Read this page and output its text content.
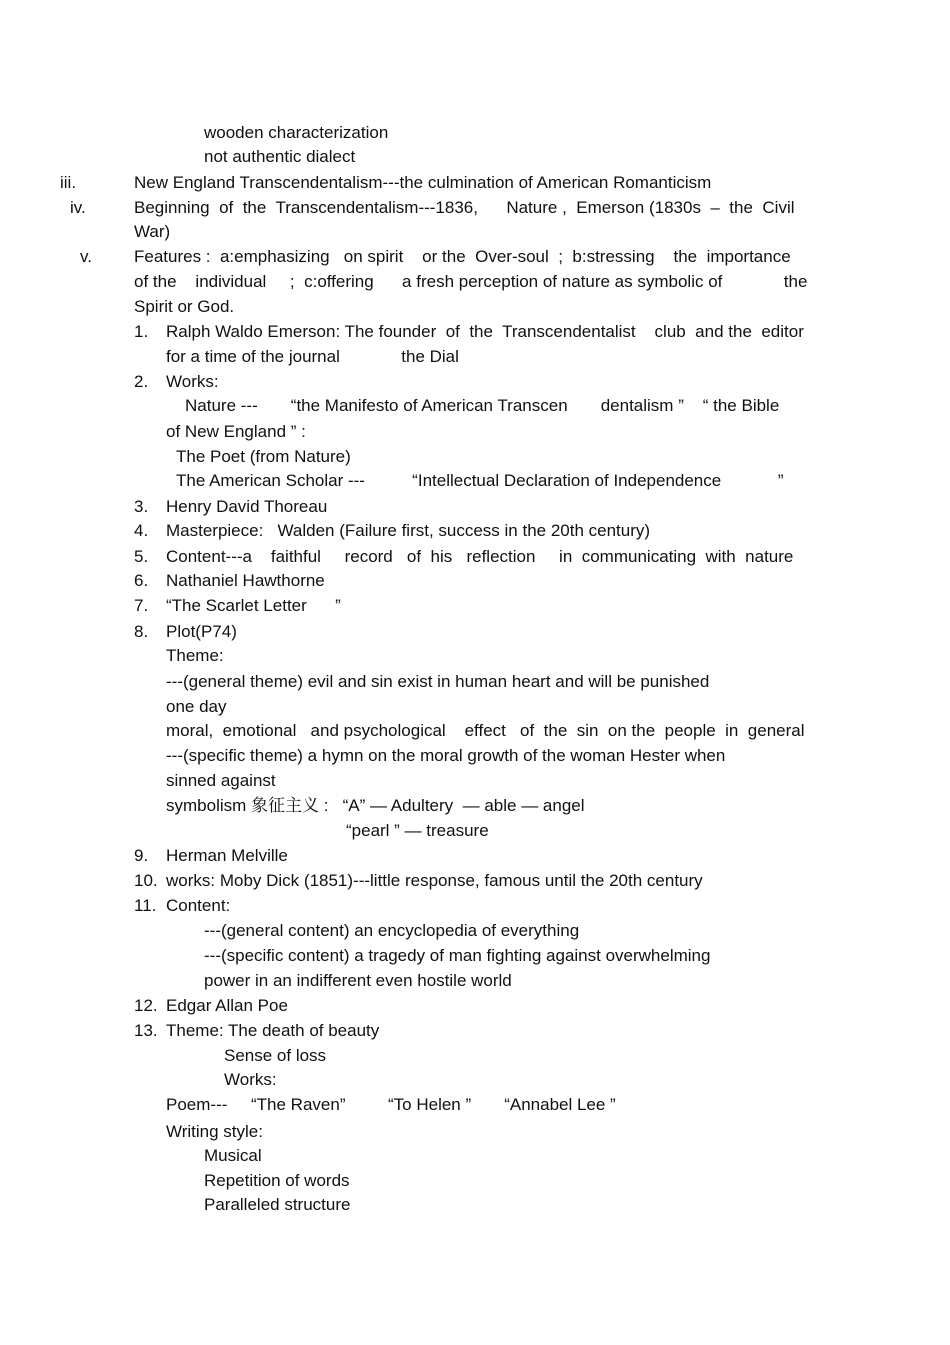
wooden characterization
not authentic dialect
iii.	New England Transcendentalism---the culmination of American Romanticism
iv.	Beginning  of  the  Transcendentalism---1836,      Nature ,  Emerson (1830s  –  the  Civil
War)
v. Features :  a:emphasizing   on spirit    or the  Over-soul  ;  b:stressing    the  importance
of the    individual     ;  c:offering      a fresh perception of nature as symbolic of             the
Spirit or God.
1. Ralph Waldo Emerson: The founder  of  the  Transcendentalist    club  and the  editor
for a time of the journal             the Dial
2. Works:
Nature ---       “the Manifesto of American Transcen       dentalism ”    “ the Bible
of New England ” :
The Poet (from Nature)
The American Scholar ---          “Intellectual Declaration of Independence            ”
3. Henry David Thoreau
4. Masterpiece:   Walden (Failure first, success in the 20th century)
5. Content---a    faithful     record   of  his   reflection     in  communicating  with  nature
6. Nathaniel Hawthorne
7. “The Scarlet Letter      ”
8. Plot(P74)
Theme:
---(general theme) evil and sin exist in human heart and will be punished
one day
moral,  emotional   and psychological    effect   of  the  sin  on the  people  in  general
---(specific theme) a hymn on the moral growth of the woman Hester when
sinned against
symbolism 象征主义 :   “A” — Adultery  — able — angel
“pearl ” — treasure
9. Herman Melville
10. works: Moby Dick (1851)---little response, famous until the 20th century
11. Content:
---(general content) an encyclopedia of everything
---(specific content) a tragedy of man fighting against overwhelming
power in an indifferent even hostile world
12. Edgar Allan Poe
13. Theme: The death of beauty
Sense of loss
Works:
Poem---     “The Raven”         “To Helen ”       “Annabel Lee ”
Writing style:
Musical
Repetition of words
Paralleled structure
